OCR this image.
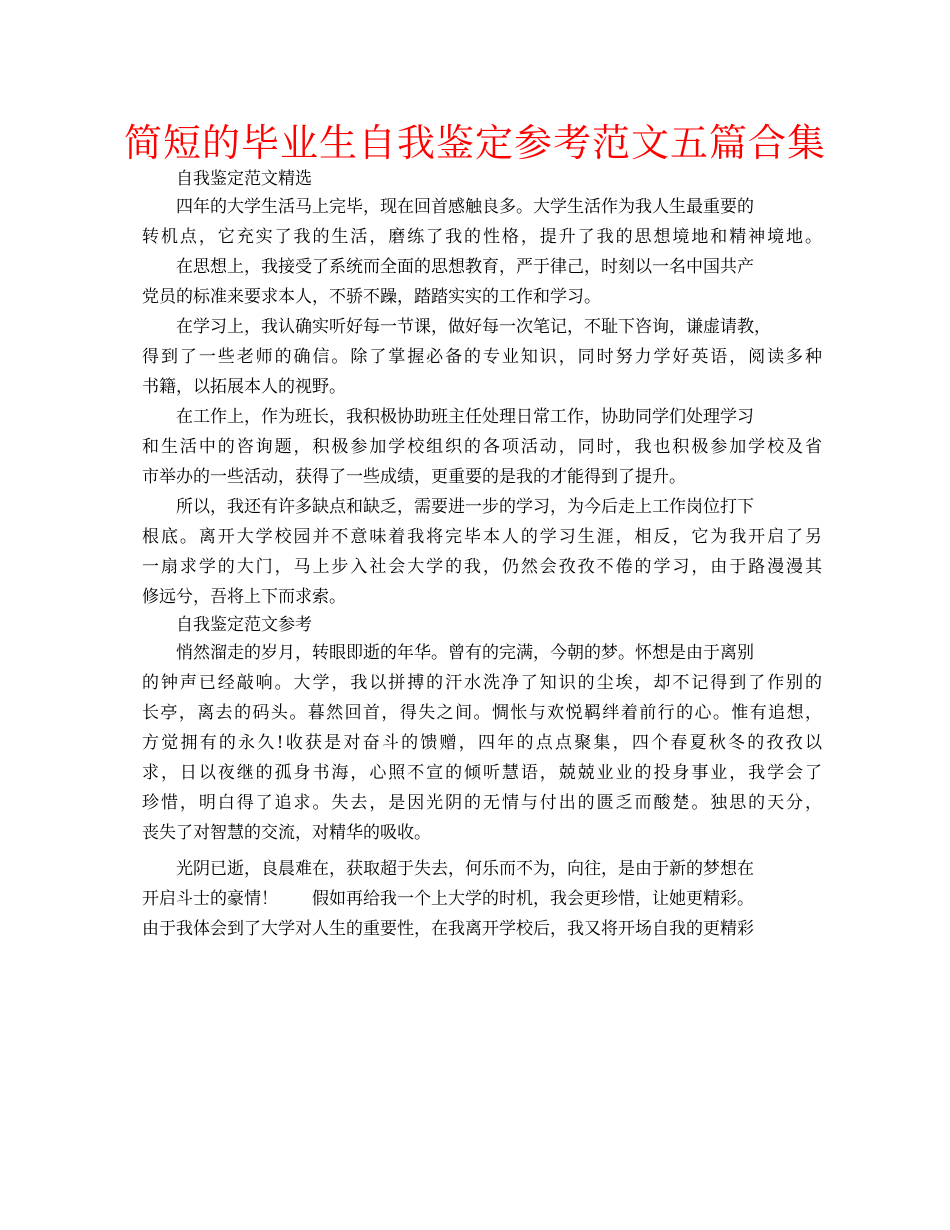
简短的毕业生自我鉴定参考范文五篇合集
自我鉴定范文精选
四年的大学生活马上完毕，现在回首感触良多。大学生活作为我人生最重要的
转机点，它充实了我的生活，磨练了我的性格，提升了我的思想境地和精神境地。
在思想上，我接受了系统而全面的思想教育，严于律己，时刻以一名中国共产
党员的标准来要求本人，不骄不躁，踏踏实实的工作和学习。
在学习上，我认确实听好每一节课，做好每一次笔记，不耻下咨询，谦虚请教，
得到了一些老师的确信。除了掌握必备的专业知识，同时努力学好英语，阅读多种
书籍，以拓展本人的视野。
在工作上，作为班长，我积极协助班主任处理日常工作，协助同学们处理学习
和生活中的咨询题，积极参加学校组织的各项活动，同时，我也积极参加学校及省
市举办的一些活动，获得了一些成绩，更重要的是我的才能得到了提升。
所以，我还有许多缺点和缺乏，需要进一步的学习，为今后走上工作岗位打下
根底。离开大学校园并不意味着我将完毕本人的学习生涯，相反，它为我开启了另
一扇求学的大门，马上步入社会大学的我，仍然会孜孜不倦的学习，由于路漫漫其
修远兮，吾将上下而求索。
自我鉴定范文参考
悄然溜走的岁月，转眼即逝的年华。曾有的完满，今朝的梦。怀想是由于离别
的钟声已经敲响。大学，我以拼搏的汗水洗净了知识的尘埃，却不记得到了作别的
长亭，离去的码头。暮然回首，得失之间。惆怅与欢悦羁绊着前行的心。惟有追想，
方觉拥有的永久!收获是对奋斗的馈赠，四年的点点聚集，四个春夏秋冬的孜孜以
求，日以夜继的孤身书海，心照不宣的倾听慧语，兢兢业业的投身事业，我学会了
珍惜，明白得了追求。失去，是因光阴的无情与付出的匮乏而酸楚。独思的天分，
丧失了对智慧的交流，对精华的吸收。
光阴已逝，良晨难在，获取超于失去，何乐而不为，向往，是由于新的梦想在
开启斗士的豪情！ 假如再给我一个上大学的时机，我会更珍惜，让她更精彩。
由于我体会到了大学对人生的重要性，在我离开学校后，我又将开场自我的更精彩
